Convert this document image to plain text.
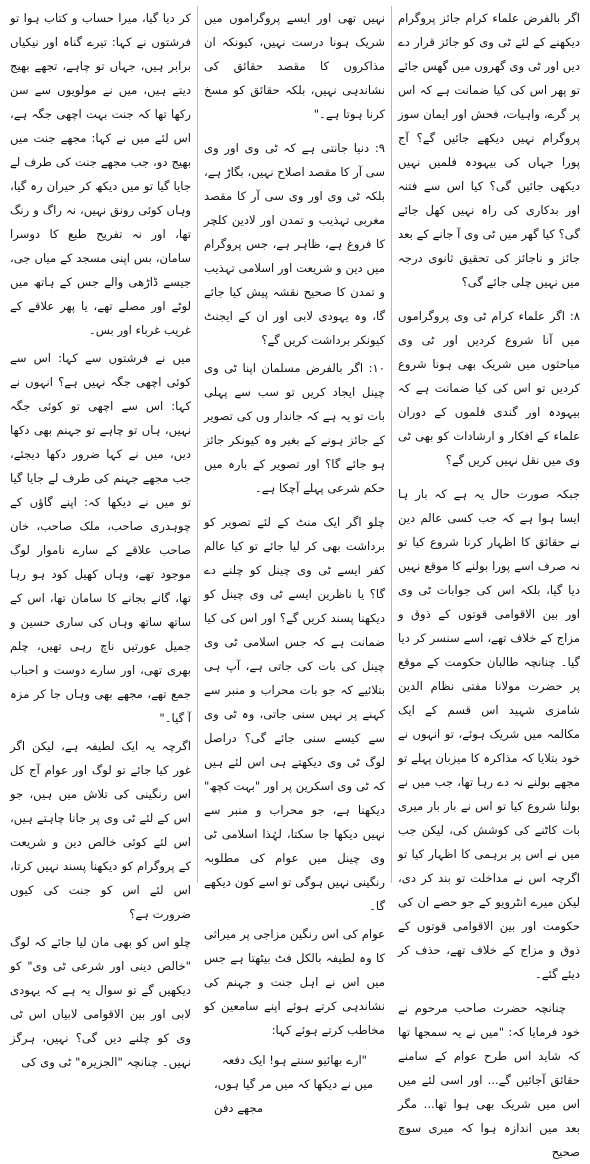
اگر بالفرض علماء کرام جائز پروگرام دیکھنے کے لئے ٹی وی کو جائز قرار دے دیں اور ٹی وی گھروں میں گھس جائے تو پھر اس کی کیا ضمانت ہے کہ اس پر گرے، واہیات، فحش اور ایمان سوز پروگرام نہیں دیکھے جائیں گے؟ آج پورا جہاں کی بیہودہ فلمیں نہیں دیکھی جائیں گی؟ کیا اس سے فتنہ اور بدکاری کی راہ نہیں کھل جائے گی؟ کیا گھر میں ٹی وی آ جانے کے بعد جائز و ناجائز کی تحقیق ثانوی درجہ میں نہیں چلی جائے گی؟

۸: اگر علماء کرام ٹی وی پروگراموں میں آنا شروع کردیں اور ٹی وی مباحثوں میں شریک بھی ہونا شروع کردیں تو اس کی کیا ضمانت ہے کہ بیہودہ اور گندی فلموں کے دوران علماء کے افکار و ارشادات کو بھی ٹی وی میں نقل نہیں کریں گے؟

جبکہ صورت حال یہ ہے کہ بار ہا ایسا ہوا ہے کہ جب کسی عالم دین نے حقائق کا اظہار کرنا شروع کیا تو نہ صرف اسے پورا بولنے کا موقع نہیں دیا گیا، بلکہ اس کی جوابات ٹی وی اور بین الاقوامی قوتوں کے ذوق و مزاج کے خلاف تھے، اسے سنسر کر دیا گیا۔ چنانچہ طالبان حکومت کے موقع پر حضرت مولانا مفتی نظام الدین شامزی شہید اس قسم کے ایک مکالمہ میں شریک ہوئے، تو انہوں نے خود بتلایا کہ مذاکرہ کا میزبان پہلے تو مجھے بولنے نہ دے رہا تھا، جب میں نے بولنا شروع کیا تو اس نے بار بار میری بات کاٹنے کی کوشش کی، لیکن جب میں نے اس پر برہمی کا اظہار کیا تو اگرچہ اس نے مداخلت تو بند کر دی، لیکن میرے انٹرویو کے جو حصے ان کی حکومت اور بین الاقوامی قوتوں کے ذوق و مزاج کے خلاف تھے، حذف کر دیئے گئے۔

چنانچہ حضرت صاحب مرحوم نے خود فرمایا کہ: "میں نے یہ سمجھا تھا کہ شاید اس طرح عوام کے سامنے حقائق آجائیں گے... اور اسی لئے میں اس میں شریک بھی ہوا تھا... مگر بعد میں اندازہ ہوا کہ میری سوچ صحیح

نہیں تھی اور ایسے پروگراموں میں شریک ہونا درست نہیں، کیونکہ ان مذاکروں کا مقصد حقائق کی نشاندہی نہیں، بلکہ حقائق کو مسخ کرنا ہوتا ہے۔"

۹: دنیا جانتی ہے کہ ٹی وی اور وی سی آر کا مقصد اصلاح نہیں، بگاڑ ہے، بلکہ ٹی وی اور وی سی آر کا مقصد مغربی تہذیب و تمدن اور لادین کلچر کا فروغ ہے، ظاہر ہے، جس پروگرام میں دین و شریعت اور اسلامی تہذیب و تمدن کا صحیح نقشہ پیش کیا جائے گا، وہ یہودی لابی اور ان کے ایجنٹ کیونکر برداشت کریں گے؟

۱۰: اگر بالفرض مسلمان اپنا ٹی وی چینل ایجاد کریں تو سب سے پہلی بات تو یہ ہے کہ جاندار وں کی تصویر کے جائز ہونے کے بغیر وہ کیونکر جائز ہو جائے گا؟ اور تصویر کے بارہ میں حکم شرعی پہلے آچکا ہے۔

چلو اگر ایک منٹ کے لئے تصویر کو برداشت بھی کر لیا جائے تو کیا عالم کفر ایسے ٹی وی چینل کو چلنے دے گا؟ یا ناظرین ایسے ٹی وی چینل کو دیکھنا پسند کریں گے؟ اور اس کی کیا ضمانت ہے کہ جس اسلامی ٹی وی چینل کی بات کی جاتی ہے، آپ ہی بتلائیے کہ جو بات محراب و منبر سے کہنے پر نہیں سنی جاتی، وہ ٹی وی سے کیسے سنی جائے گی؟ دراصل لوگ ٹی وی دیکھتے ہی اس لئے ہیں کہ ٹی وی اسکرین پر اور "بہت کچھ" دیکھنا ہے، جو محراب و منبر سے نہیں دیکھا جا سکتا، لہٰذا اسلامی ٹی وی چینل میں عوام کی مطلوبہ رنگینی نہیں ہوگی تو اسے کون دیکھے گا۔

عوام کی اس رنگین مزاجی پر میراثی کا وہ لطیفہ بالکل فٹ بیٹھتا ہے جس میں اس نے اہل جنت و جہنم کی نشاندہی کرتے ہوئے اپنے سامعین کو مخاطب کرتے ہوئے کہا:

"ارے بھائیو سنتے ہو! ایک دفعہ

میں نے دیکھا کہ میں مر گیا ہوں، مجھے دفن

کر دیا گیا، میرا حساب و کتاب ہوا تو فرشتوں نے کہا: تیرے گناہ اور نیکیاں برابر ہیں، جہاں تو چاہے، تجھے بھیج دیتے ہیں، میں نے مولویوں سے سن رکھا تھا کہ جنت بہت اچھی جگہ ہے، اس لئے میں نے کہا: مجھے جنت میں بھیج دو، جب مجھے جنت کی طرف لے جایا گیا تو میں دیکھ کر حیران رہ گیا، وہاں کوئی رونق نہیں، نہ راگ و رنگ تھا، اور نہ تفریح طبع کا دوسرا سامان، بس اپنی مسجد کے میاں جی، جیسے ڈاڑھی والے جس کے ہاتھ میں لوٹے اور مصلے تھے، یا پھر علاقے کے غریب غرباء اور بس۔

میں نے فرشتوں سے کہا: اس سے کوئی اچھی جگہ نہیں ہے؟ انہوں نے کہا: اس سے اچھی تو کوئی جگہ نہیں، ہاں تو چاہے تو جہنم بھی دکھا دیں، میں نے کہا ضرور دکھا دیجئے، جب مجھے جہنم کی طرف لے جایا گیا تو میں نے دیکھا کہ: اپنے گاؤں کے چوہدری صاحب، ملک صاحب، خان صاحب علاقے کے سارے ناموار لوگ موجود تھے، وہاں کھیل کود ہو رہا تھا، گانے بجانے کا سامان تھا، اس کے ساتھ ساتھ وہاں کی ساری حسین و جمیل عورتیں ناچ رہی تھیں، چلم بھری تھی، اور سارے دوست و احباب جمع تھے، مجھے بھی وہاں جا کر مزہ آ گیا۔"

اگرچہ یہ ایک لطیفہ ہے، لیکن اگر غور کیا جائے تو لوگ اور عوام آج کل اس رنگینی کی تلاش میں ہیں، جو اس کے لئے ٹی وی پر جانا چاہتے ہیں، اس لئے کوئی خالص دین و شریعت کے پروگرام کو دیکھنا پسند نہیں کرتا، اس لئے اس کو جنت کی کیوں ضرورت ہے؟

چلو اس کو بھی مان لیا جائے کہ لوگ "خالص دینی اور شرعی ٹی وی" کو دیکھیں گے تو سوال یہ ہے کہ یہودی لابی اور بین الاقوامی لابیاں اس ٹی وی کو چلنے دیں گی؟ نہیں، ہرگز نہیں۔ چنانچہ "الجزیرہ" ٹی وی کی
